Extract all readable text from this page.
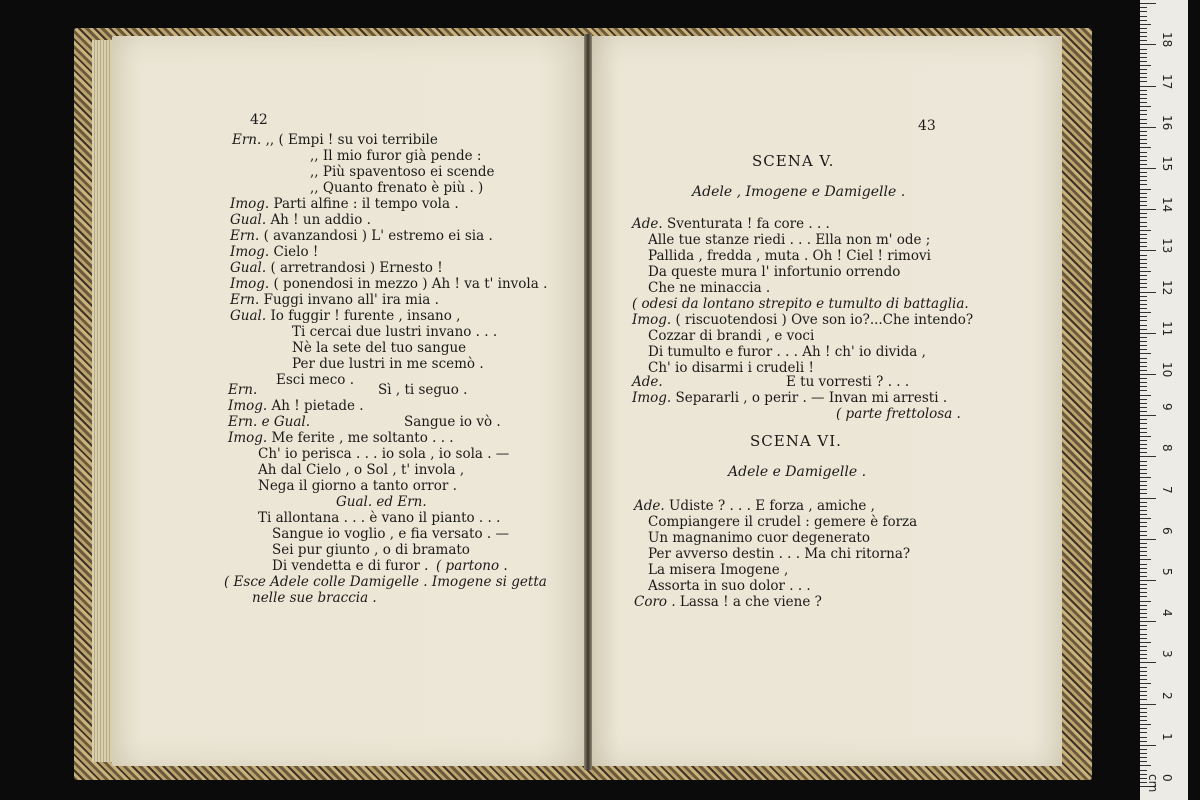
18
17
16
15
14
13
12
11
10
9
8
7
6
5
4
3
2
1
0 cm
42
Ern. ,, ( Empi ! su voi terribile
,, Il mio furor già pende :
,, Più spaventoso ei scende
,, Quanto frenato è più . )
Imog. Parti alfine : il tempo vola .
Gual. Ah ! un addio .
Ern. ( avanzandosi ) L' estremo ei sia .
Imog. Cielo !
Gual. ( arretrandosi ) Ernesto !
Imog. ( ponendosi in mezzo ) Ah ! va t' invola .
Ern. Fuggi invano all' ira mia .
Gual. Io fuggir ! furente , insano ,
Ti cercai due lustri invano . . .
Nè la sete del tuo sangue
Per due lustri in me scemò .
Esci meco .
Ern.	Sì , ti seguo .
Imog. Ah ! pietade .
Ern. e Gual.	Sangue io vò .
Imog. Me ferite , me soltanto . . .
Ch' io perisca . . . io sola , io sola . —
Ah dal Cielo , o Sol , t' invola ,
Nega il giorno a tanto orror .
Gual. ed Ern.
Ti allontana . . . è vano il pianto . . .
Sangue io voglio , e fia versato . —
Sei pur giunto , o di bramato
Di vendetta e di furor . ( partono .
( Esce Adele colle Damigelle . Imogene si getta
nelle sue braccia .
43
SCENA V.
Adele , Imogene e Damigelle .
Ade. Sventurata ! fa core . . .
Alle tue stanze riedi . . . Ella non m' ode ;
Pallida , fredda , muta . Oh ! Ciel ! rimovi
Da queste mura l' infortunio orrendo
Che ne minaccia .
( odesi da lontano strepito e tumulto di battaglia.
Imog. ( riscuotendosi ) Ove son io?...Che intendo?
Cozzar di brandi , e voci
Di tumulto e furor . . . Ah ! ch' io divida ,
Ch' io disarmi i crudeli !
Ade.	E tu vorresti ? . . .
Imog. Separarli , o perir . — Invan mi arresti .
( parte frettolosa .
SCENA VI.
Adele e Damigelle .
Ade. Udiste ? . . . E forza , amiche ,
Compiangere il crudel : gemere è forza
Un magnanimo cuor degenerato
Per avverso destin . . . Ma chi ritorna?
La misera Imogene ,
Assorta in suo dolor . . .
Coro . Lassa ! a che viene ?
